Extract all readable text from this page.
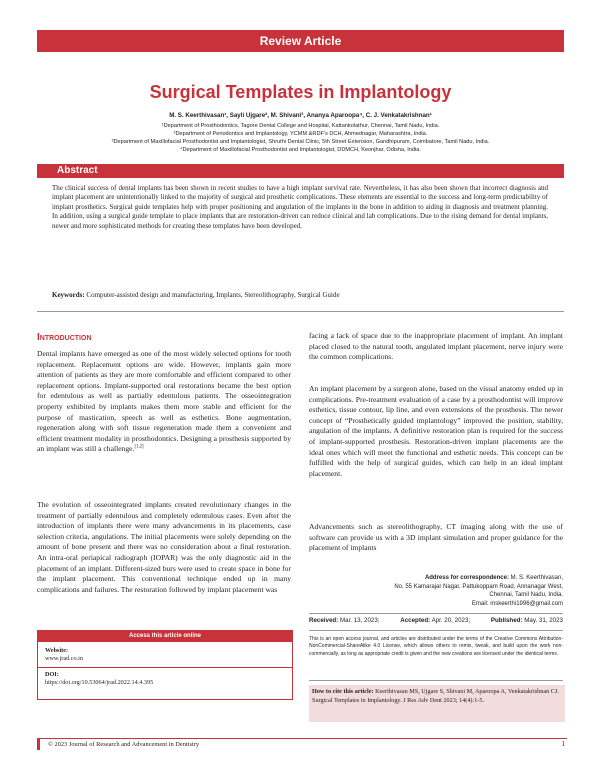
Review Article
Surgical Templates in Implantology
M. S. Keerthivasan¹, Sayli Ujgare², M. Shivani³, Ananya Aparoopa⁴, C. J. Venkatakrishnan¹
¹Department of Prosthodontics, Tagore Dental College and Hospital, Kattankolathur, Chennai, Tamil Nadu, India.
²Department of Periodontics and Implantology, YCMM &RDF’s DCH, Ahmednagar, Maharashtra, India.
³Department of Maxillofacial Prosthodontist and Implantologist, Shruthi Dental Clinic, 5th Street Extension, Gandhipuram, Coimbatore, Tamil Nadu, India.
⁴Department of Maxillofacial Prosthodontist and Implantologist, DDMCH, Keonjhar, Odisha, India.
Abstract
The clinical success of dental implants has been shown in recent studies to have a high implant survival rate. Nevertheless, it has also been shown that incorrect diagnosis and implant placement are unintentionally linked to the majority of surgical and prosthetic complications. These elements are essential to the success and long-term predictability of implant prosthetics. Surgical guide templates help with proper positioning and angulation of the implants in the bone in addition to aiding in diagnosis and treatment planning. In addition, using a surgical guide template to place implants that are restoration-driven can reduce clinical and lab complications. Due to the rising demand for dental implants, newer and more sophisticated methods for creating these templates have been developed.
Keywords: Computer-assisted design and manufacturing, Implants, Stereolithography, Surgical Guide
Introduction

Dental implants have emerged as one of the most widely selected options for tooth replacement. Replacement options are wide. However, implants gain more attention of patients as they are more comfortable and efficient compared to other replacement options. Implant-supported oral restorations became the best option for edentulous as well as partially edentulous patients. The osseointegration property exhibited by implants makes them more stable and efficient for the purpose of mastication, speech as well as esthetics. Bone augmentation, regeneration along with soft tissue regeneration made them a convenient and efficient treatment modality in prosthodontics. Designing a prosthesis supported by an implant was still a challenge.[1,2]

The evolution of osseointegrated implants created revolutionary changes in the treatment of partially edentulous and completely edentulous cases. Even after the introduction of implants there were many advancements in its placements, case selection criteria, angulations. The initial placements were solely depending on the amount of bone present and there was no consideration about a final restoration. An intra-oral periapical radiograph (IOPAR) was the only diagnostic aid in the placement of an implant. Different-sized burs were used to create space in bone for the implant placement. This conventional technique ended up in many complications and failures. The restoration followed by implant placement was

Access this article online
Website:
www.jrad.co.in
DOI:
https://doi.org/10.53064/jrad.2022.14.4.395

facing a lack of space due to the inappropriate placement of implant. An implant placed closed to the natural tooth, angulated implant placement, nerve injury were the common complications.

An implant placement by a surgeon alone, based on the visual anatomy ended up in complications. Pre-treatment evaluation of a case by a prosthodontist will improve esthetics, tissue contour, lip line, and even extensions of the prosthesis. The newer concept of “Prosthetically guided implantology” improved the position, stability, angulation of the implants. A definitive restoration plan is required for the success of implant-supported prosthesis. Restoration-driven implant placements are the ideal ones which will meet the functional and esthetic needs. This concept can be fulfilled with the help of surgical guides, which can help in an ideal implant placement.

Advancements such as stereolithography, CT imaging along with the use of software can provide us with a 3D implant simulation and proper guidance for the placement of implants

Address for correspondence: M. S. Keerthivasan,
No. 55 Kamarajar Nagar, Pattukoppam Road, Annanagar West,
Chennai, Tamil Nadu, India.
Email: mskeerthi1996@gmail.com
Received: Mar. 13, 2023;	Accepted: Apr. 20, 2023;	Published: May. 31, 2023
This is an open access journal, and articles are distributed under the terms of the Creative Commons Attribution-NonCommercial-ShareAlike 4.0 License, which allows others to remix, tweak, and build upon the work non-commercially, as long as appropriate credit is given and the new creations are licensed under the identical terms.
How to cite this article: Keerthivasan MS, Ujgare S, Shivani M, Aparoopa A, Venkatakrishnan CJ. Surgical Templates in Implantology. J Res Adv Dent 2023; 14(4):1-5.
© 2023 Journal of Research and Advancement in Dentistry	1
